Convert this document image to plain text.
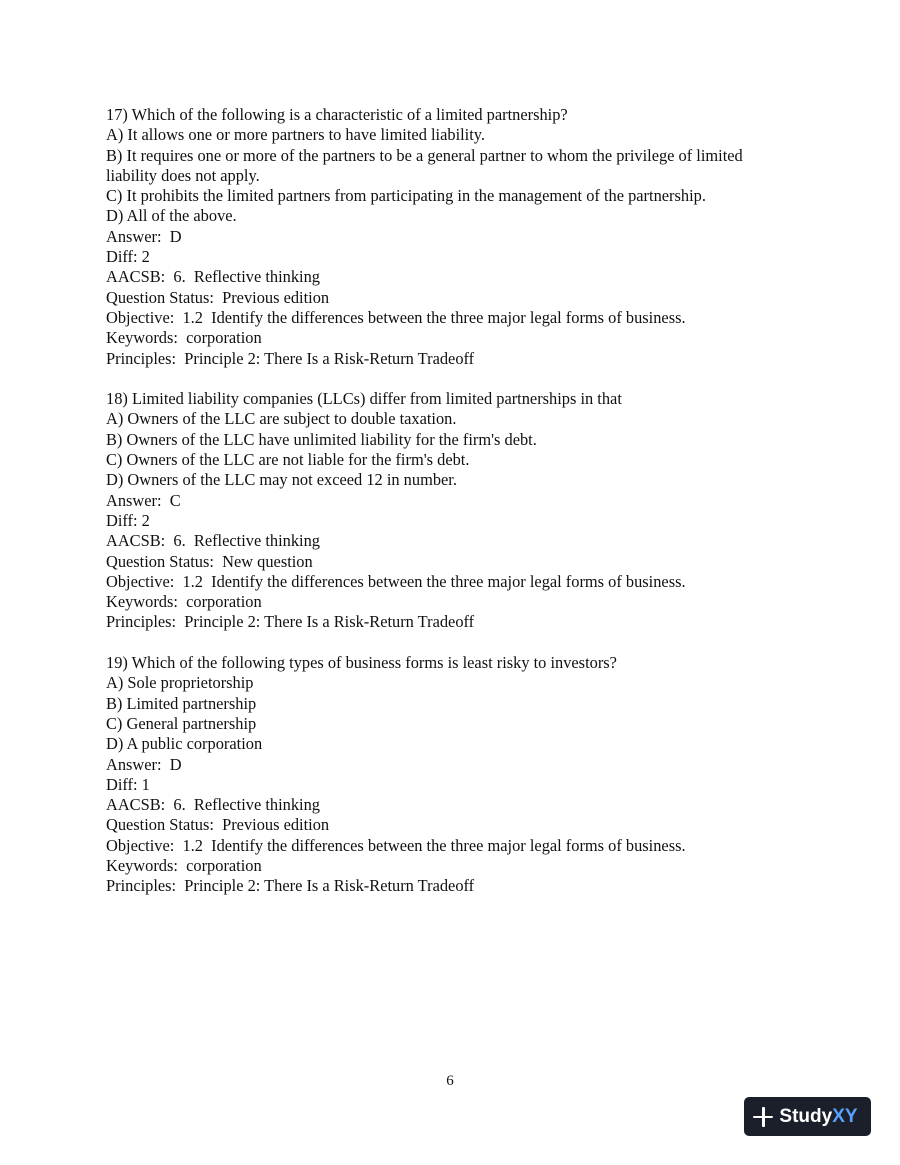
17) Which of the following is a characteristic of a limited partnership?
A) It allows one or more partners to have limited liability.
B) It requires one or more of the partners to be a general partner to whom the privilege of limited
liability does not apply.
C) It prohibits the limited partners from participating in the management of the partnership.
D) All of the above.
Answer:  D
Diff: 2
AACSB:  6.  Reflective thinking
Question Status:  Previous edition
Objective:  1.2  Identify the differences between the three major legal forms of business.
Keywords:  corporation
Principles:  Principle 2: There Is a Risk-Return Tradeoff
18) Limited liability companies (LLCs) differ from limited partnerships in that
A) Owners of the LLC are subject to double taxation.
B) Owners of the LLC have unlimited liability for the firm's debt.
C) Owners of the LLC are not liable for the firm's debt.
D) Owners of the LLC may not exceed 12 in number.
Answer:  C
Diff: 2
AACSB:  6.  Reflective thinking
Question Status:  New question
Objective:  1.2  Identify the differences between the three major legal forms of business.
Keywords:  corporation
Principles:  Principle 2: There Is a Risk-Return Tradeoff
19) Which of the following types of business forms is least risky to investors?
A) Sole proprietorship
B) Limited partnership
C) General partnership
D) A public corporation
Answer:  D
Diff: 1
AACSB:  6.  Reflective thinking
Question Status:  Previous edition
Objective:  1.2  Identify the differences between the three major legal forms of business.
Keywords:  corporation
Principles:  Principle 2: There Is a Risk-Return Tradeoff
6
Study XY
